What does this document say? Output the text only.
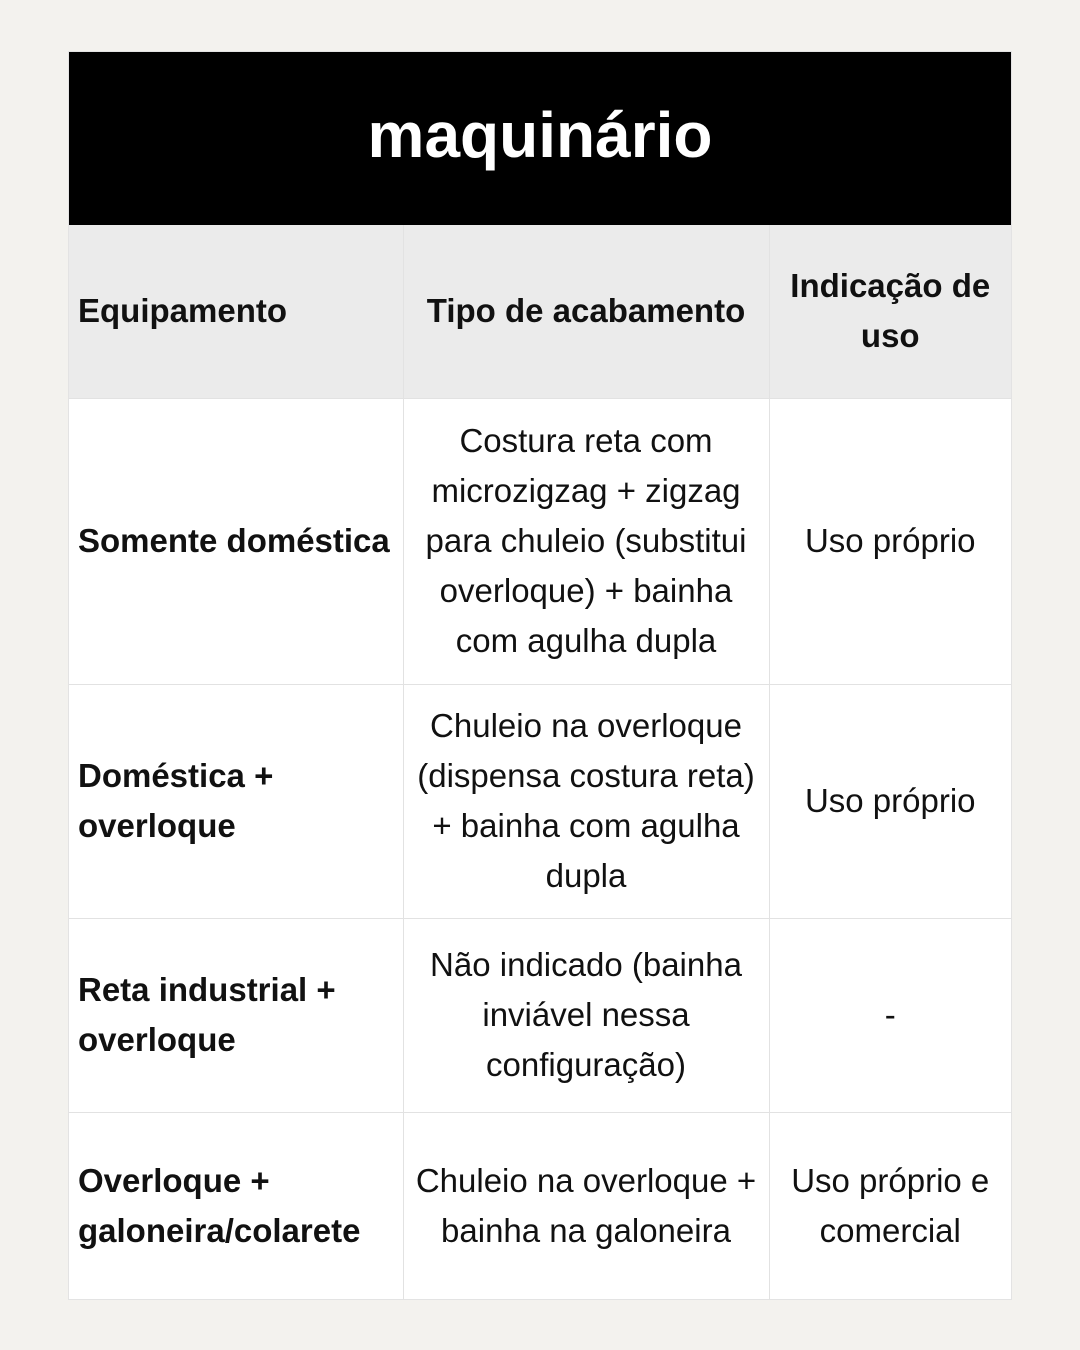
maquinário
Equipamento	Tipo de acabamento	Indicação de uso
Somente doméstica	Costura reta com microzigzag + zigzag para chuleio (substitui overloque) + bainha com agulha dupla	Uso próprio
Doméstica + overloque	Chuleio na overloque (dispensa costura reta) + bainha com agulha dupla	Uso próprio
Reta industrial + overloque	Não indicado (bainha inviável nessa configuração)	-
Overloque + galoneira/colarete	Chuleio na overloque + bainha na galoneira	Uso próprio e comercial
